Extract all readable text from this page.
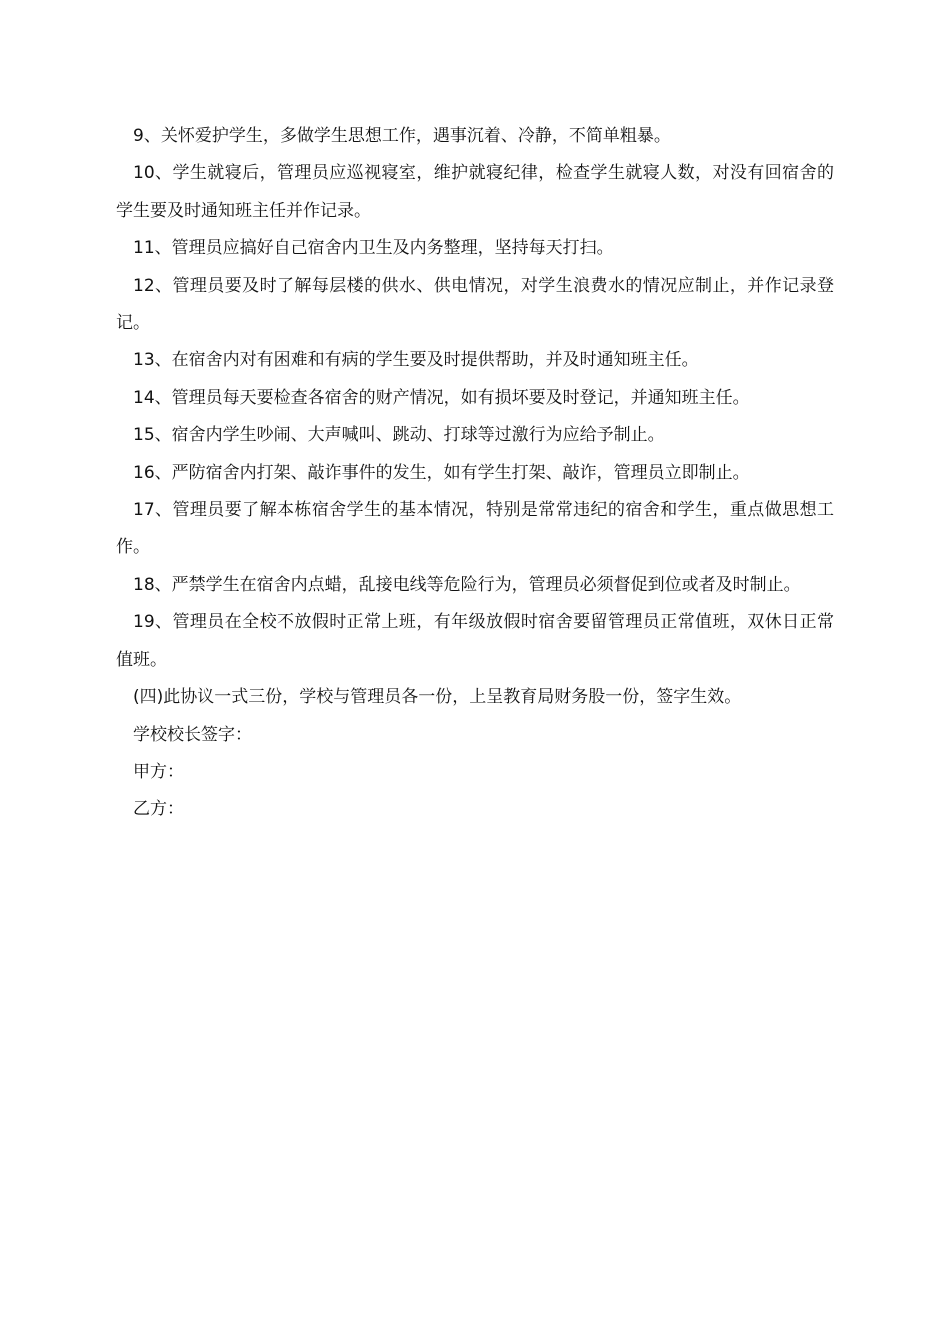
9、关怀爱护学生，多做学生思想工作，遇事沉着、冷静，不简单粗暴。

10、学生就寝后，管理员应巡视寝室，维护就寝纪律，检查学生就寝人数，对没有回宿舍的学生要及时通知班主任并作记录。

11、管理员应搞好自己宿舍内卫生及内务整理，坚持每天打扫。

12、管理员要及时了解每层楼的供水、供电情况，对学生浪费水的情况应制止，并作记录登记。

13、在宿舍内对有困难和有病的学生要及时提供帮助，并及时通知班主任。

14、管理员每天要检查各宿舍的财产情况，如有损坏要及时登记，并通知班主任。

15、宿舍内学生吵闹、大声喊叫、跳动、打球等过激行为应给予制止。

16、严防宿舍内打架、敲诈事件的发生，如有学生打架、敲诈，管理员立即制止。

17、管理员要了解本栋宿舍学生的基本情况，特别是常常违纪的宿舍和学生，重点做思想工作。

18、严禁学生在宿舍内点蜡，乱接电线等危险行为，管理员必须督促到位或者及时制止。

19、管理员在全校不放假时正常上班，有年级放假时宿舍要留管理员正常值班，双休日正常值班。

(四)此协议一式三份，学校与管理员各一份，上呈教育局财务股一份，签字生效。

学校校长签字：

甲方：

乙方：
